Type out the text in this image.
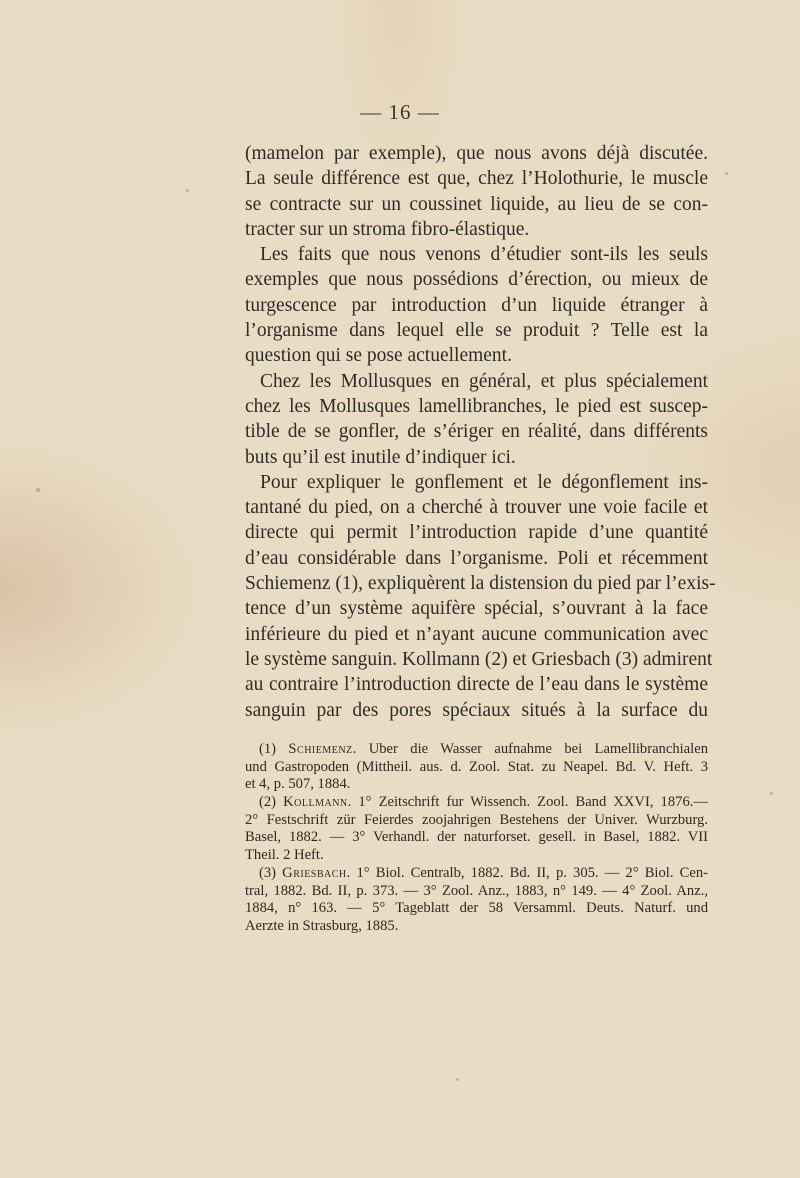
— 16 —
(mamelon par exemple), que nous avons déjà discutée.
La seule différence est que, chez l’Holothurie, le muscle
se contracte sur un coussinet liquide, au lieu de se con-
tracter sur un stroma fibro-élastique.
Les faits que nous venons d’étudier sont-ils les seuls
exemples que nous possédions d’érection, ou mieux de
turgescence par introduction d’un liquide étranger à
l’organisme dans lequel elle se produit ? Telle est la
question qui se pose actuellement.
Chez les Mollusques en général, et plus spécialement
chez les Mollusques lamellibranches, le pied est suscep-
tible de se gonfler, de s’ériger en réalité, dans différents
buts qu’il est inutile d’indiquer ici.
Pour expliquer le gonflement et le dégonflement ins-
tantané du pied, on a cherché à trouver une voie facile et
directe qui permit l’introduction rapide d’une quantité
d’eau considérable dans l’organisme. Poli et récemment
Schiemenz (1), expliquèrent la distension du pied par l’exis-
tence d’un système aquifère spécial, s’ouvrant à la face
inférieure du pied et n’ayant aucune communication avec
le système sanguin. Kollmann (2) et Griesbach (3) admirent
au contraire l’introduction directe de l’eau dans le système
sanguin par des pores spéciaux situés à la surface du
(1) Schiemenz. Uber die Wasser aufnahme bei Lamellibranchialen
und Gastropoden (Mittheil. aus. d. Zool. Stat. zu Neapel. Bd. V. Heft. 3
et 4, p. 507, 1884.
(2) Kollmann. 1° Zeitschrift fur Wissench. Zool. Band XXVI, 1876.—
2° Festschrift zür Feierdes zoojahrigen Bestehens der Univer. Wurzburg.
Basel, 1882. — 3° Verhandl. der naturforset. gesell. in Basel, 1882. VII
Theil. 2 Heft.
(3) Griesbach. 1° Biol. Centralb, 1882. Bd. II, p. 305. — 2° Biol. Cen-
tral, 1882. Bd. II, p. 373. — 3° Zool. Anz., 1883, n° 149. — 4° Zool. Anz.,
1884, n° 163. — 5° Tageblatt der 58 Versamml. Deuts. Naturf. und
Aerzte in Strasburg, 1885.
